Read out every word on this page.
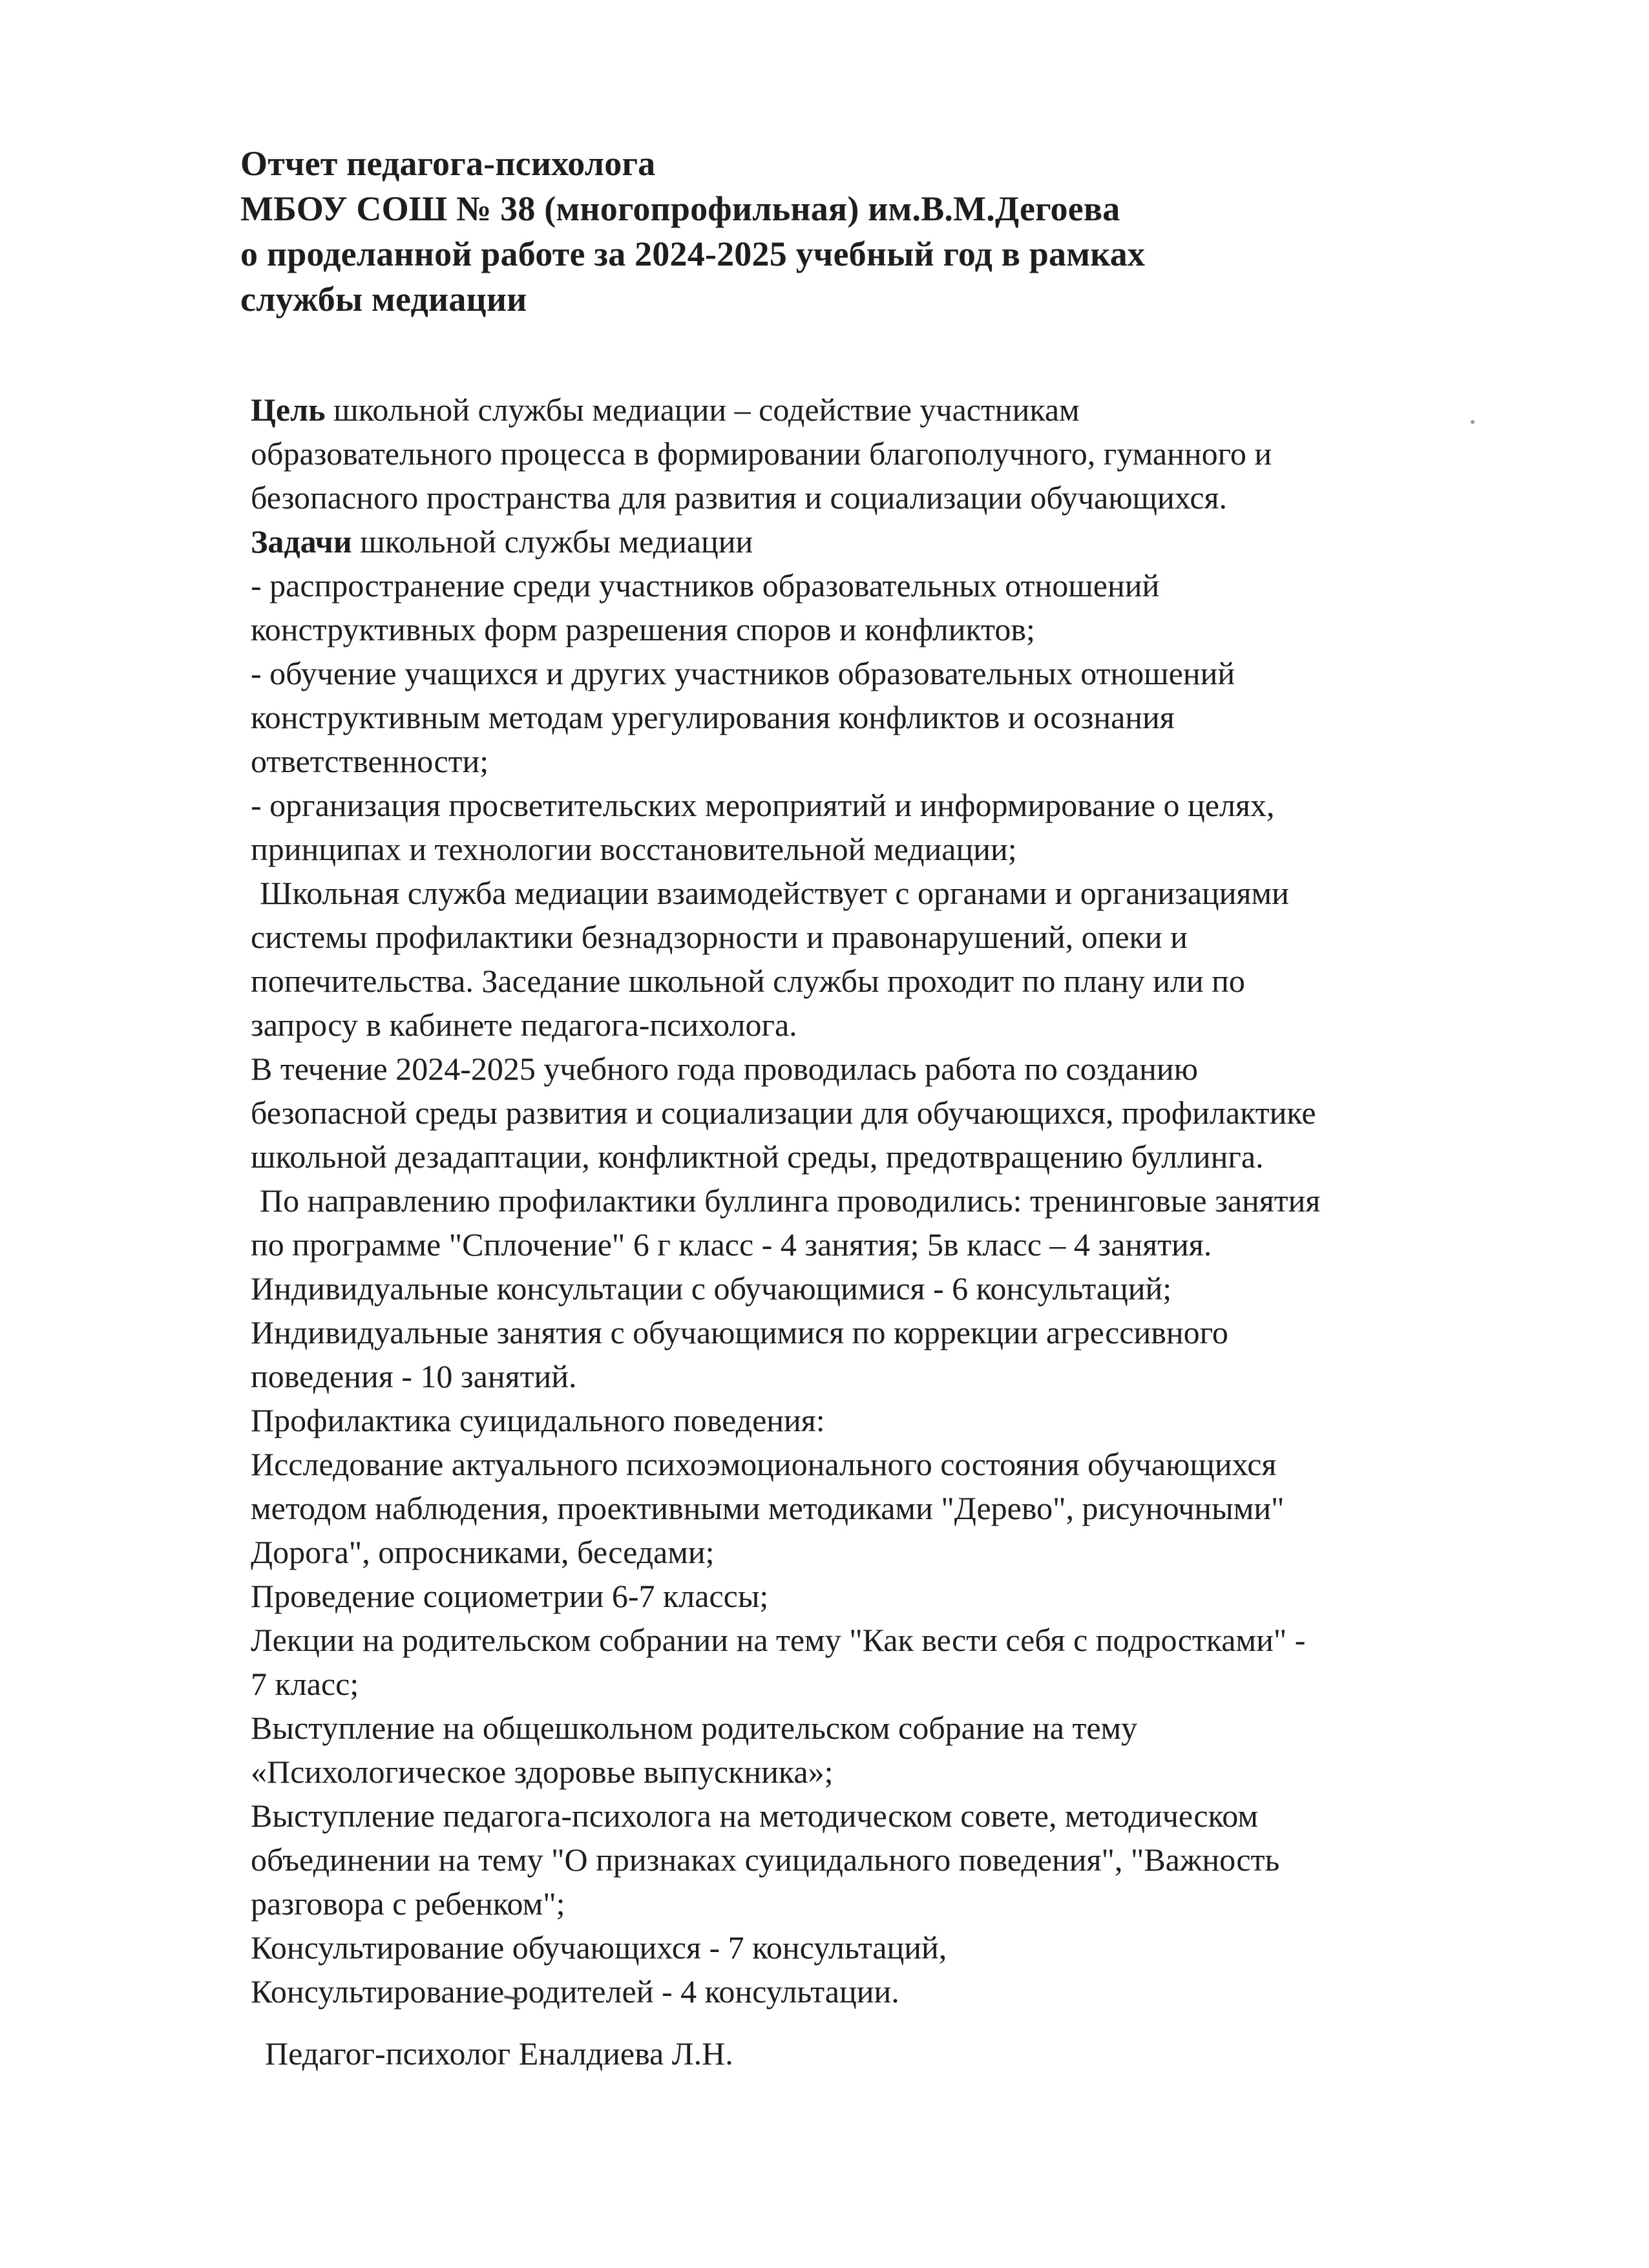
Отчет педагога-психолога
МБОУ СОШ № 38 (многопрофильная) им.В.М.Дегоева
о проделанной работе за 2024-2025 учебный год в рамках
службы медиации
Цель школьной службы медиации – содействие участникам
образовательного процесса в формировании благополучного, гуманного и
безопасного пространства для развития и социализации обучающихся.
Задачи школьной службы медиации
- распространение среди участников образовательных отношений
конструктивных форм разрешения споров и конфликтов;
- обучение учащихся и других участников образовательных отношений
конструктивным методам урегулирования конфликтов и осознания
ответственности;
- организация просветительских мероприятий и информирование о целях,
принципах и технологии восстановительной медиации;
Школьная служба медиации взаимодействует с органами и организациями
системы профилактики безнадзорности и правонарушений, опеки и
попечительства. Заседание школьной службы проходит по плану или по
запросу в кабинете педагога-психолога.
В течение 2024-2025 учебного года проводилась работа по созданию
безопасной среды развития и социализации для обучающихся, профилактике
школьной дезадаптации, конфликтной среды, предотвращению буллинга.
По направлению профилактики буллинга проводились: тренинговые занятия
по программе "Сплочение" 6 г класс - 4 занятия; 5в класс – 4 занятия.
Индивидуальные консультации с обучающимися - 6 консультаций;
Индивидуальные занятия с обучающимися по коррекции агрессивного
поведения - 10 занятий.
Профилактика суицидального поведения:
Исследование актуального психоэмоционального состояния обучающихся
методом наблюдения, проективными методиками "Дерево", рисуночными"
Дорога", опросниками, беседами;
Проведение социометрии 6-7 классы;
Лекции на родительском собрании на тему "Как вести себя с подростками" -
7 класс;
Выступление на общешкольном родительском собрание на тему
«Психологическое здоровье выпускника»;
Выступление педагога-психолога на методическом совете, методическом
объединении на тему "О признаках суицидального поведения", "Важность
разговора с ребенком";
Консультирование обучающихся - 7 консультаций,
Консультирование родителей - 4 консультации.
Педагог-психолог Еналдиева Л.Н.
